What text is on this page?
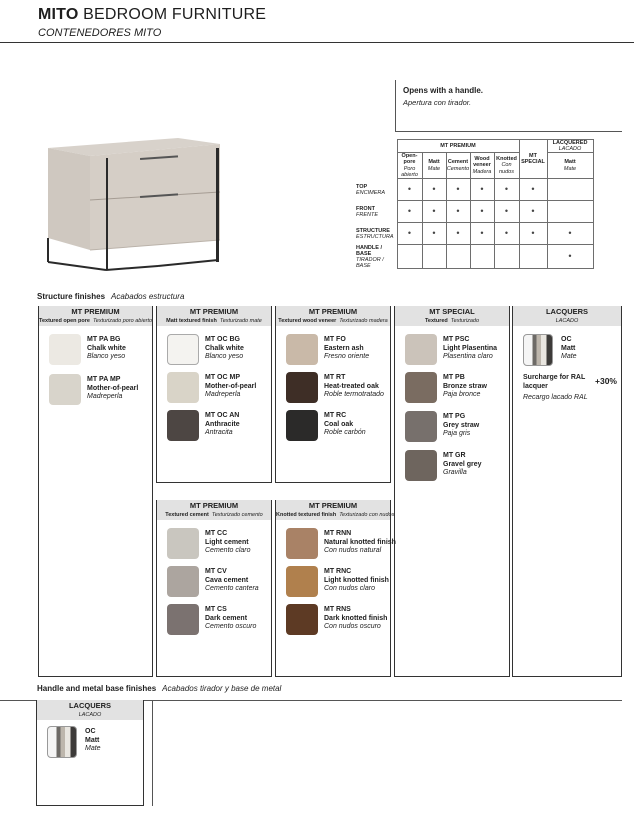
MITO BEDROOM FURNITURE
CONTENEDORES MITO
Opens with a handle.
Apertura con tirador.
	MT PREMIUM					MT SPECIAL	LACQUERED
LACADO

	Open-pore
Poro abierto	Matt
Mate	Cement
Cemento	Wood veneer
Madera	Knotted
Con nudos		Matt
Mate

TOP
ENCIMERA	•	•	•	•	•	•	
FRONT
FRENTE	•	•	•	•	•	•	
STRUCTURE
ESTRUCTURA	•	•	•	•	•	•	•
HANDLE / BASE
TIRADOR / BASE							•
Structure finishes Acabados estructura
MT PREMIUM
Textured open pore Texturizado poro abierto
MT PA BG
Chalk white
Blanco yeso
MT PA MP
Mother-of-pearl
Madreperla
MT PREMIUM
Matt textured finish Texturizado mate
MT OC BG
Chalk white
Blanco yeso
MT OC MP
Mother-of-pearl
Madreperla
MT OC AN
Anthracite
Antracita
MT PREMIUM
Textured wood veneer Texturizado madera
MT FO
Eastern ash
Fresno oriente
MT RT
Heat-treated oak
Roble termotratado
MT RC
Coal oak
Roble carbón
MT SPECIAL
Textured Texturizado
MT PSC
Light Plasentina
Plasentina claro
MT PB
Bronze straw
Paja bronce
MT PG
Grey straw
Paja gris
MT GR
Gravel grey
Gravilla
LACQUERS
LACADO
OC
Matt
Mate
Surcharge for RAL lacquer
Recargo lacado RAL
+30%
MT PREMIUM
Textured cement Texturizado cemento
MT CC
Light cement
Cemento claro
MT CV
Cava cement
Cemento cantera
MT CS
Dark cement
Cemento oscuro
MT PREMIUM
Knotted textured finish Texturizado con nudos
MT RNN
Natural knotted finish
Con nudos natural
MT RNC
Light knotted finish
Con nudos claro
MT RNS
Dark knotted finish
Con nudos oscuro
Handle and metal base finishes Acabados tirador y base de metal
LACQUERS
LACADO
OC
Matt
Mate
